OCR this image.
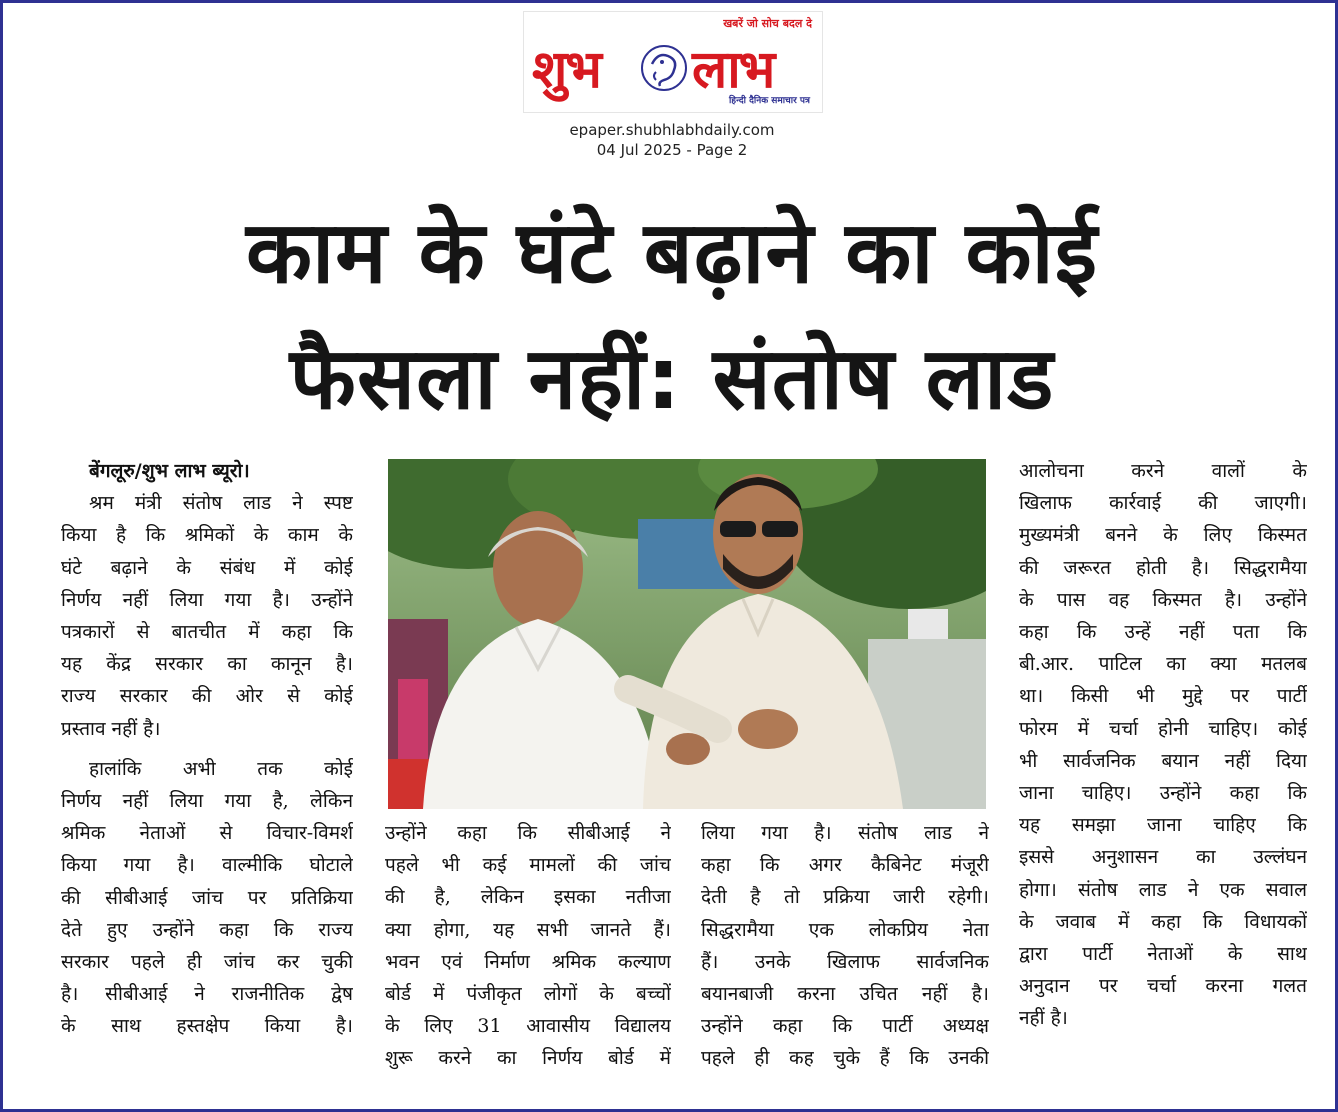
खबरें जो सोच बदल दे
शुभ लाभ
हिन्दी दैनिक समाचार पत्र
epaper.shubhlabhdaily.com
04 Jul 2025 - Page 2
काम के घंटे बढ़ाने का कोई
फैसला नहीं: संतोष लाड

बेंगलूरु/शुभ लाभ ब्यूरो।

श्रम मंत्री संतोष लाड ने स्पष्ट

किया है कि श्रमिकों के काम के

घंटे बढ़ाने के संबंध में कोई

निर्णय नहीं लिया गया है। उन्होंने

पत्रकारों से बातचीत में कहा कि

यह केंद्र सरकार का कानून है।

राज्य सरकार की ओर से कोई

प्रस्ताव नहीं है।

हालांकि अभी तक कोई

निर्णय नहीं लिया गया है, लेकिन

श्रमिक नेताओं से विचार-विमर्श

किया गया है। वाल्मीकि घोटाले

की सीबीआई जांच पर प्रतिक्रिया

देते हुए उन्होंने कहा कि राज्य

सरकार पहले ही जांच कर चुकी

है। सीबीआई ने राजनीतिक द्वेष

के साथ हस्तक्षेप किया है।

उन्होंने कहा कि सीबीआई ने

पहले भी कई मामलों की जांच

की है, लेकिन इसका नतीजा

क्या होगा, यह सभी जानते हैं।

भवन एवं निर्माण श्रमिक कल्याण

बोर्ड में पंजीकृत लोगों के बच्चों

के लिए 31 आवासीय विद्यालय

शुरू करने का निर्णय बोर्ड में

लिया गया है। संतोष लाड ने

कहा कि अगर कैबिनेट मंजूरी

देती है तो प्रक्रिया जारी रहेगी।

सिद्धरामैया एक लोकप्रिय नेता

हैं। उनके खिलाफ सार्वजनिक

बयानबाजी करना उचित नहीं है।

उन्होंने कहा कि पार्टी अध्यक्ष

पहले ही कह चुके हैं कि उनकी

आलोचना करने वालों के

खिलाफ कार्रवाई की जाएगी।

मुख्यमंत्री बनने के लिए किस्मत

की जरूरत होती है। सिद्धरामैया

के पास वह किस्मत है। उन्होंने

कहा कि उन्हें नहीं पता कि

बी.आर. पाटिल का क्या मतलब

था। किसी भी मुद्दे पर पार्टी

फोरम में चर्चा होनी चाहिए। कोई

भी सार्वजनिक बयान नहीं दिया

जाना चाहिए। उन्होंने कहा कि

यह समझा जाना चाहिए कि

इससे अनुशासन का उल्लंघन

होगा। संतोष लाड ने एक सवाल

के जवाब में कहा कि विधायकों

द्वारा पार्टी नेताओं के साथ

अनुदान पर चर्चा करना गलत

नहीं है।
